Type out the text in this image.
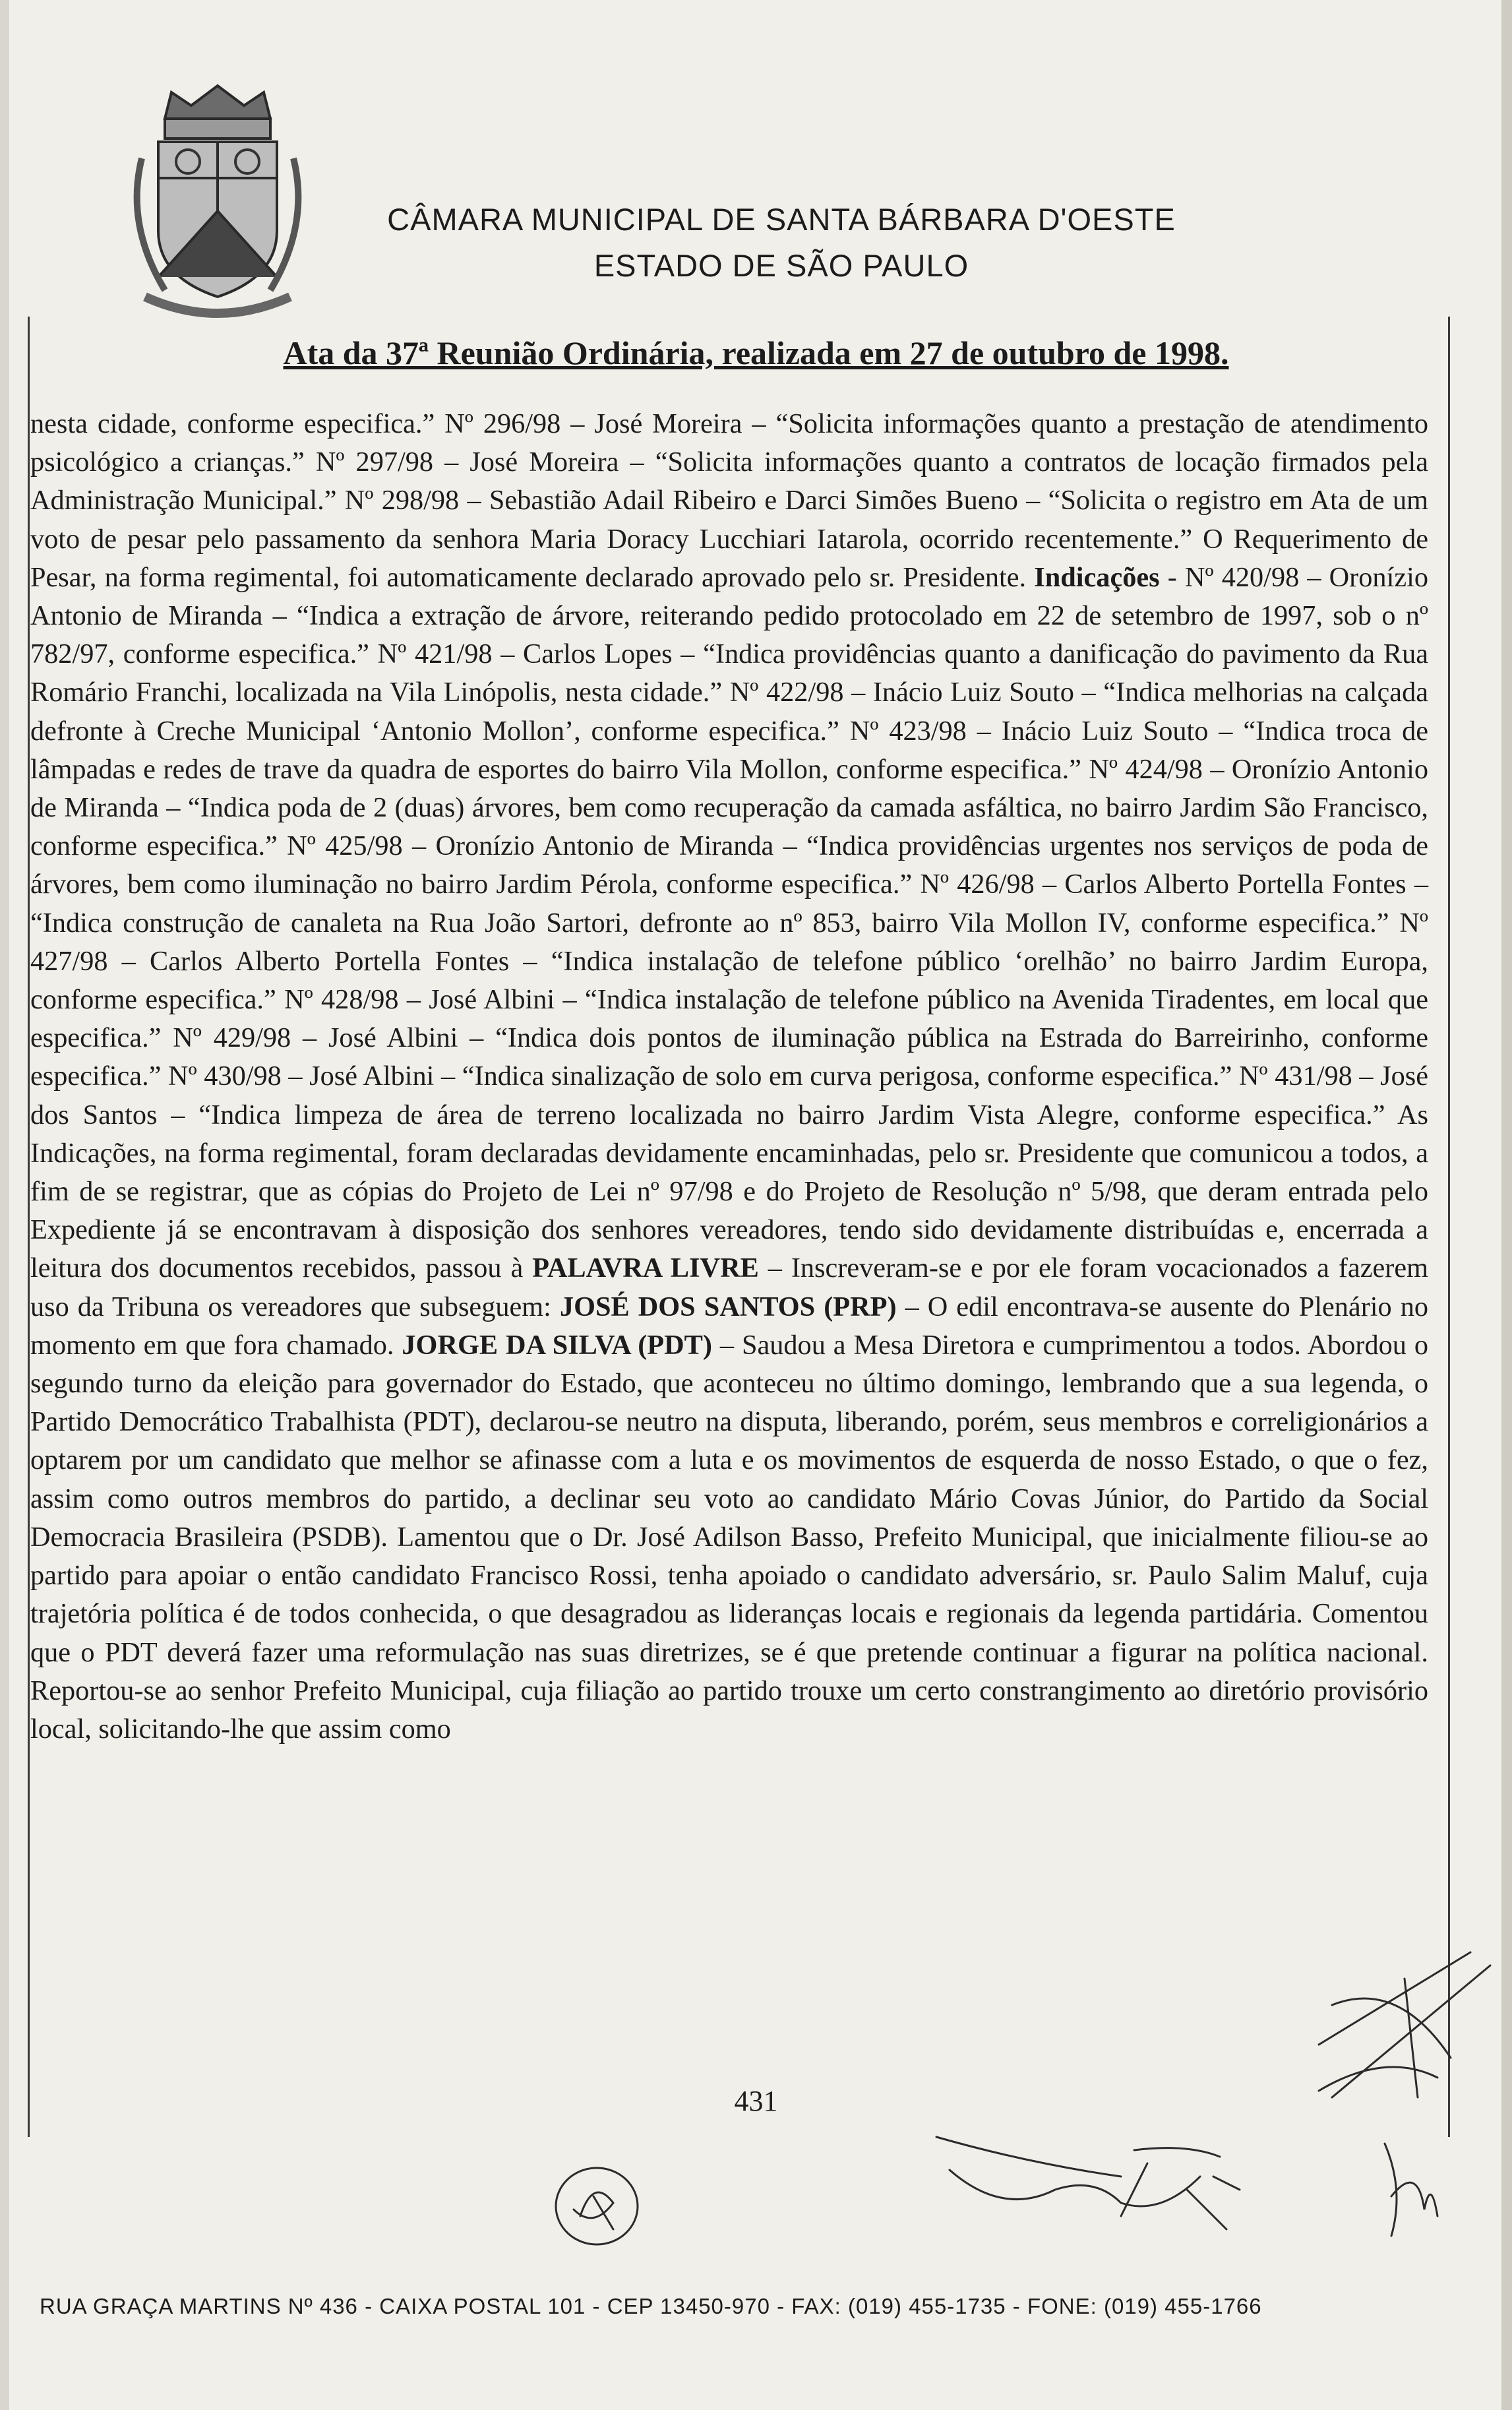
CÂMARA MUNICIPAL DE SANTA BÁRBARA D'OESTE
ESTADO DE SÃO PAULO
Ata da 37ª Reunião Ordinária, realizada em 27 de outubro de 1998.

nesta cidade, conforme especifica.” Nº 296/98 – José Moreira – “Solicita informações quanto a prestação de atendimento psicológico a crianças.” Nº 297/98 – José Moreira – “Solicita informações quanto a contratos de locação firmados pela Administração Municipal.” Nº 298/98 – Sebastião Adail Ribeiro e Darci Simões Bueno – “Solicita o registro em Ata de um voto de pesar pelo passamento da senhora Maria Doracy Lucchiari Iatarola, ocorrido recentemente.” O Requerimento de Pesar, na forma regimental, foi automaticamente declarado aprovado pelo sr. Presidente. Indicações - Nº 420/98 – Oronízio Antonio de Miranda – “Indica a extração de árvore, reiterando pedido protocolado em 22 de setembro de 1997, sob o nº 782/97, conforme especifica.” Nº 421/98 – Carlos Lopes – “Indica providências quanto a danificação do pavimento da Rua Romário Franchi, localizada na Vila Linópolis, nesta cidade.” Nº 422/98 – Inácio Luiz Souto – “Indica melhorias na calçada defronte à Creche Municipal ‘Antonio Mollon’, conforme especifica.” Nº 423/98 – Inácio Luiz Souto – “Indica troca de lâmpadas e redes de trave da quadra de esportes do bairro Vila Mollon, conforme especifica.” Nº 424/98 – Oronízio Antonio de Miranda – “Indica poda de 2 (duas) árvores, bem como recuperação da camada asfáltica, no bairro Jardim São Francisco, conforme especifica.” Nº 425/98 – Oronízio Antonio de Miranda – “Indica providências urgentes nos serviços de poda de árvores, bem como iluminação no bairro Jardim Pérola, conforme especifica.” Nº 426/98 – Carlos Alberto Portella Fontes – “Indica construção de canaleta na Rua João Sartori, defronte ao nº 853, bairro Vila Mollon IV, conforme especifica.” Nº 427/98 – Carlos Alberto Portella Fontes – “Indica instalação de telefone público ‘orelhão’ no bairro Jardim Europa, conforme especifica.” Nº 428/98 – José Albini – “Indica instalação de telefone público na Avenida Tiradentes, em local que especifica.” Nº 429/98 – José Albini – “Indica dois pontos de iluminação pública na Estrada do Barreirinho, conforme especifica.” Nº 430/98 – José Albini – “Indica sinalização de solo em curva perigosa, conforme especifica.” Nº 431/98 – José dos Santos – “Indica limpeza de área de terreno localizada no bairro Jardim Vista Alegre, conforme especifica.” As Indicações, na forma regimental, foram declaradas devidamente encaminhadas, pelo sr. Presidente que comunicou a todos, a fim de se registrar, que as cópias do Projeto de Lei nº 97/98 e do Projeto de Resolução nº 5/98, que deram entrada pelo Expediente já se encontravam à disposição dos senhores vereadores, tendo sido devidamente distribuídas e, encerrada a leitura dos documentos recebidos, passou à PALAVRA LIVRE – Inscreveram-se e por ele foram vocacionados a fazerem uso da Tribuna os vereadores que subseguem: JOSÉ DOS SANTOS (PRP) – O edil encontrava-se ausente do Plenário no momento em que fora chamado. JORGE DA SILVA (PDT) – Saudou a Mesa Diretora e cumprimentou a todos. Abordou o segundo turno da eleição para governador do Estado, que aconteceu no último domingo, lembrando que a sua legenda, o Partido Democrático Trabalhista (PDT), declarou-se neutro na disputa, liberando, porém, seus membros e correligionários a optarem por um candidato que melhor se afinasse com a luta e os movimentos de esquerda de nosso Estado, o que o fez, assim como outros membros do partido, a declinar seu voto ao candidato Mário Covas Júnior, do Partido da Social Democracia Brasileira (PSDB). Lamentou que o Dr. José Adilson Basso, Prefeito Municipal, que inicialmente filiou-se ao partido para apoiar o então candidato Francisco Rossi, tenha apoiado o candidato adversário, sr. Paulo Salim Maluf, cuja trajetória política é de todos conhecida, o que desagradou as lideranças locais e regionais da legenda partidária. Comentou que o PDT deverá fazer uma reformulação nas suas diretrizes, se é que pretende continuar a figurar na política nacional. Reportou-se ao senhor Prefeito Municipal, cuja filiação ao partido trouxe um certo constrangimento ao diretório provisório local, solicitando-lhe que assim como

431
RUA GRAÇA MARTINS Nº 436 - CAIXA POSTAL 101 - CEP 13450-970 - FAX: (019) 455-1735 - FONE: (019) 455-1766
